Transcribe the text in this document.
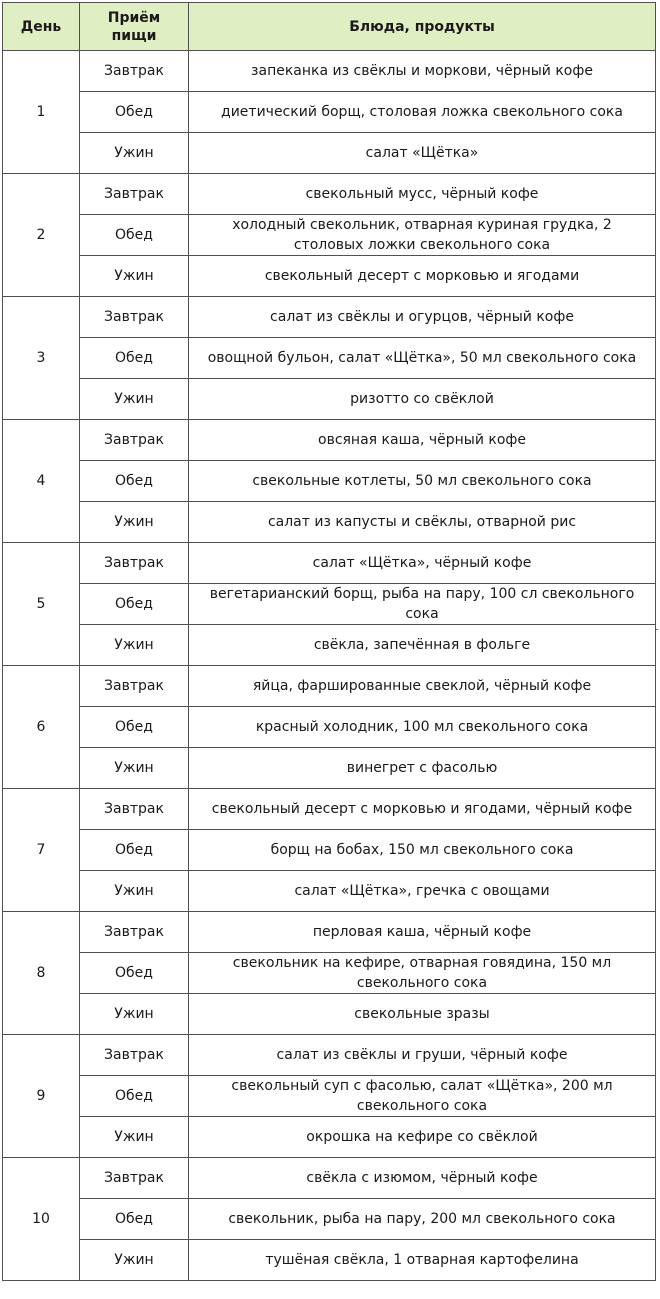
День	Приём пищи	Блюда, продукты
1	Завтрак	запеканка из свёклы и моркови, чёрный кофе
	Обед	диетический борщ, столовая ложка свекольного сока
	Ужин	салат «Щётка»
2	Завтрак	свекольный мусс, чёрный кофе
	Обед	холодный свекольник, отварная куриная грудка, 2 столовых ложки свекольного сока
	Ужин	свекольный десерт с морковью и ягодами
3	Завтрак	салат из свёклы и огурцов, чёрный кофе
	Обед	овощной бульон, салат «Щётка», 50 мл свекольного сока
	Ужин	ризотто со свёклой
4	Завтрак	овсяная каша, чёрный кофе
	Обед	свекольные котлеты, 50 мл свекольного сока
	Ужин	салат из капусты и свёклы, отварной рис
5	Завтрак	салат «Щётка», чёрный кофе
	Обед	вегетарианский борщ, рыба на пару, 100 сл свекольного сока
	Ужин	свёкла, запечённая в фольге
6	Завтрак	яйца, фаршированные свеклой, чёрный кофе
	Обед	красный холодник, 100 мл свекольного сока
	Ужин	винегрет с фасолью
7	Завтрак	свекольный десерт с морковью и ягодами, чёрный кофе
	Обед	борщ на бобах, 150 мл свекольного сока
	Ужин	салат «Щётка», гречка с овощами
8	Завтрак	перловая каша, чёрный кофе
	Обед	свекольник на кефире, отварная говядина, 150 мл свекольного сока
	Ужин	свекольные зразы
9	Завтрак	салат из свёклы и груши, чёрный кофе
	Обед	свекольный суп с фасолью, салат «Щётка», 200 мл свекольного сока
	Ужин	окрошка на кефире со свёклой
10	Завтрак	свёкла с изюмом, чёрный кофе
	Обед	свекольник, рыба на пару, 200 мл свекольного сока
	Ужин	тушёная свёкла, 1 отварная картофелина
